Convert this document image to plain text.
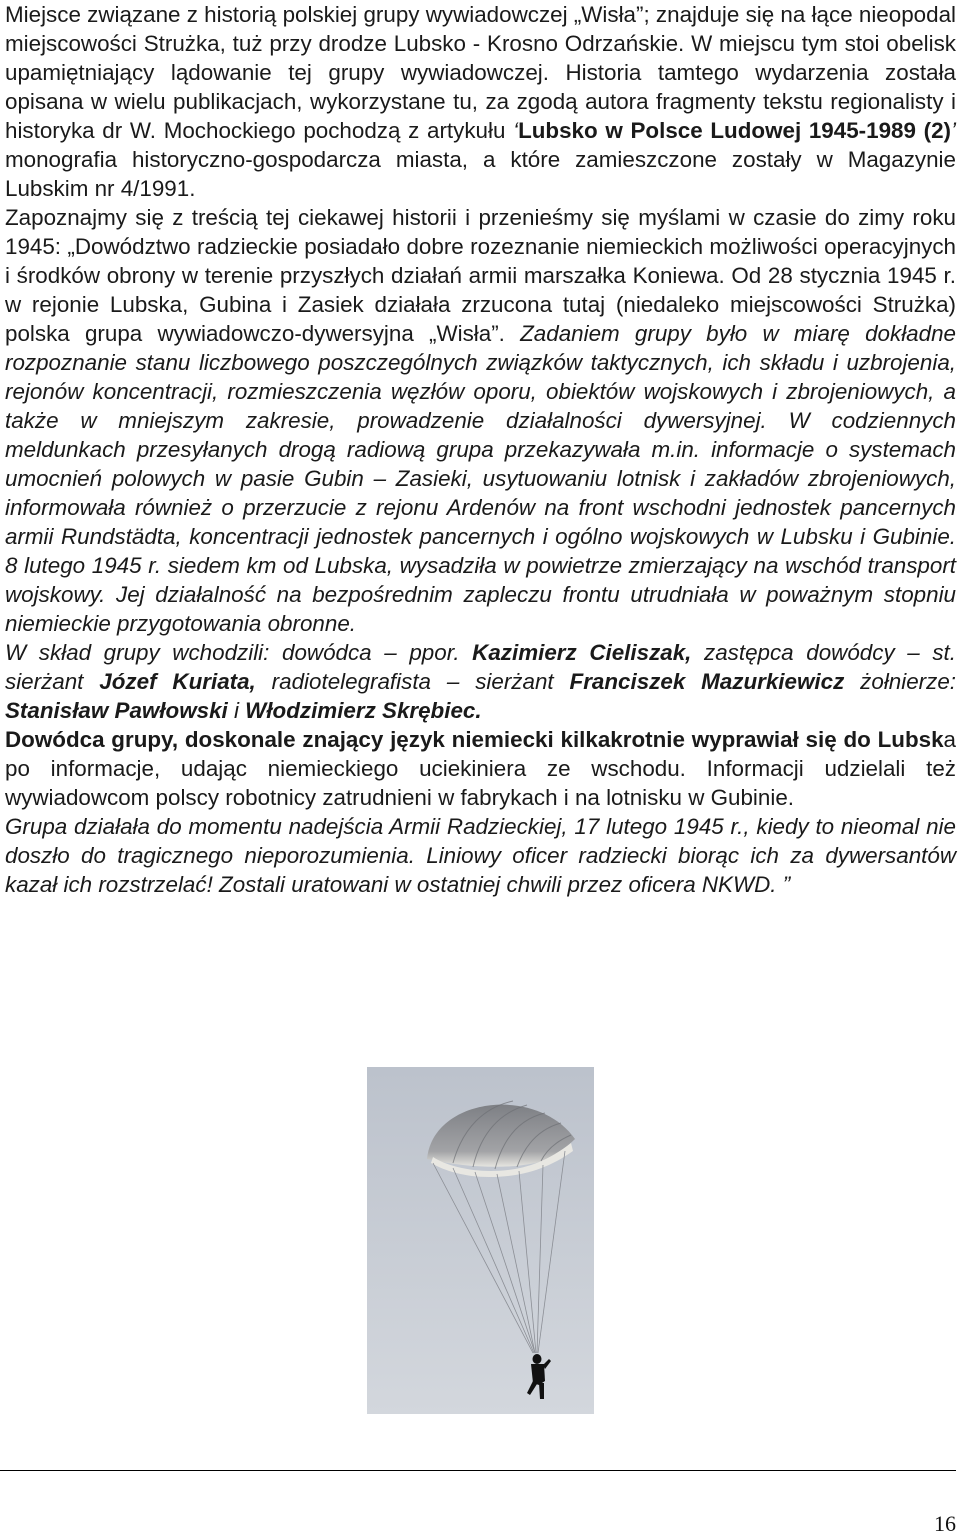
Miejsce związane z historią polskiej grupy wywiadowczej „Wisła”; znajduje się na łące nieopodal miejscowości Strużka, tuż przy drodze Lubsko - Krosno Odrzańskie. W miejscu tym stoi obelisk upamiętniający lądowanie tej grupy wywiadowczej. Historia tamtego wydarzenia została opisana w wielu publikacjach, wykorzystane tu, za zgodą autora fragmenty tekstu regionalisty i historyka dr W. Mochockiego pochodzą z artykułu ‘Lubsko w Polsce Ludowej 1945-1989 (2)’ monografia historyczno-gospodarcza miasta, a które zamieszczone zostały w Magazynie Lubskim nr 4/1991.

Zapoznajmy się z treścią tej ciekawej historii i przenieśmy się myślami w czasie do zimy roku 1945: „Dowództwo radzieckie posiadało dobre rozeznanie niemieckich możliwości operacyjnych i środków obrony w terenie przyszłych działań armii marszałka Koniewa. Od 28 stycznia 1945 r. w rejonie Lubska, Gubina i Zasiek działała zrzucona tutaj (niedaleko miejscowości Strużka) polska grupa wywiadowczo-dywersyjna „Wisła”. Zadaniem grupy było w miarę dokładne rozpoznanie stanu liczbowego poszczególnych związków taktycznych, ich składu i uzbrojenia, rejonów koncentracji, rozmieszczenia węzłów oporu, obiektów wojskowych i zbrojeniowych, a także w mniejszym zakresie, prowadzenie działalności dywersyjnej. W codziennych meldunkach przesyłanych drogą radiową grupa przekazywała m.in. informacje o systemach umocnień polowych w pasie Gubin – Zasieki, usytuowaniu lotnisk i zakładów zbrojeniowych, informowała również o przerzucie z rejonu Ardenów na front wschodni jednostek pancernych armii Rundstädta, koncentracji jednostek pancernych i ogólno wojskowych w Lubsku i Gubinie. 8 lutego 1945 r. siedem km od Lubska, wysadziła w powietrze zmierzający na wschód transport wojskowy. Jej działalność na bezpośrednim zapleczu frontu utrudniała w poważnym stopniu niemieckie przygotowania obronne.

W skład grupy wchodzili: dowódca – ppor. Kazimierz Cieliszak, zastępca dowódcy – st. sierżant Józef Kuriata, radiotelegrafista – sierżant Franciszek Mazurkiewicz żołnierze: Stanisław Pawłowski i Włodzimierz Skrębiec.

Dowódca grupy, doskonale znający język niemiecki kilkakrotnie wyprawiał się do Lubska po informacje, udając niemieckiego uciekiniera ze wschodu. Informacji udzielali też wywiadowcom polscy robotnicy zatrudnieni w fabrykach i na lotnisku w Gubinie.

Grupa działała do momentu nadejścia Armii Radzieckiej, 17 lutego 1945 r., kiedy to nieomal nie doszło do tragicznego nieporozumienia. Liniowy oficer radziecki biorąc ich za dywersantów kazał ich rozstrzelać! Zostali uratowani w ostatniej chwili przez oficera NKWD. ”

16
